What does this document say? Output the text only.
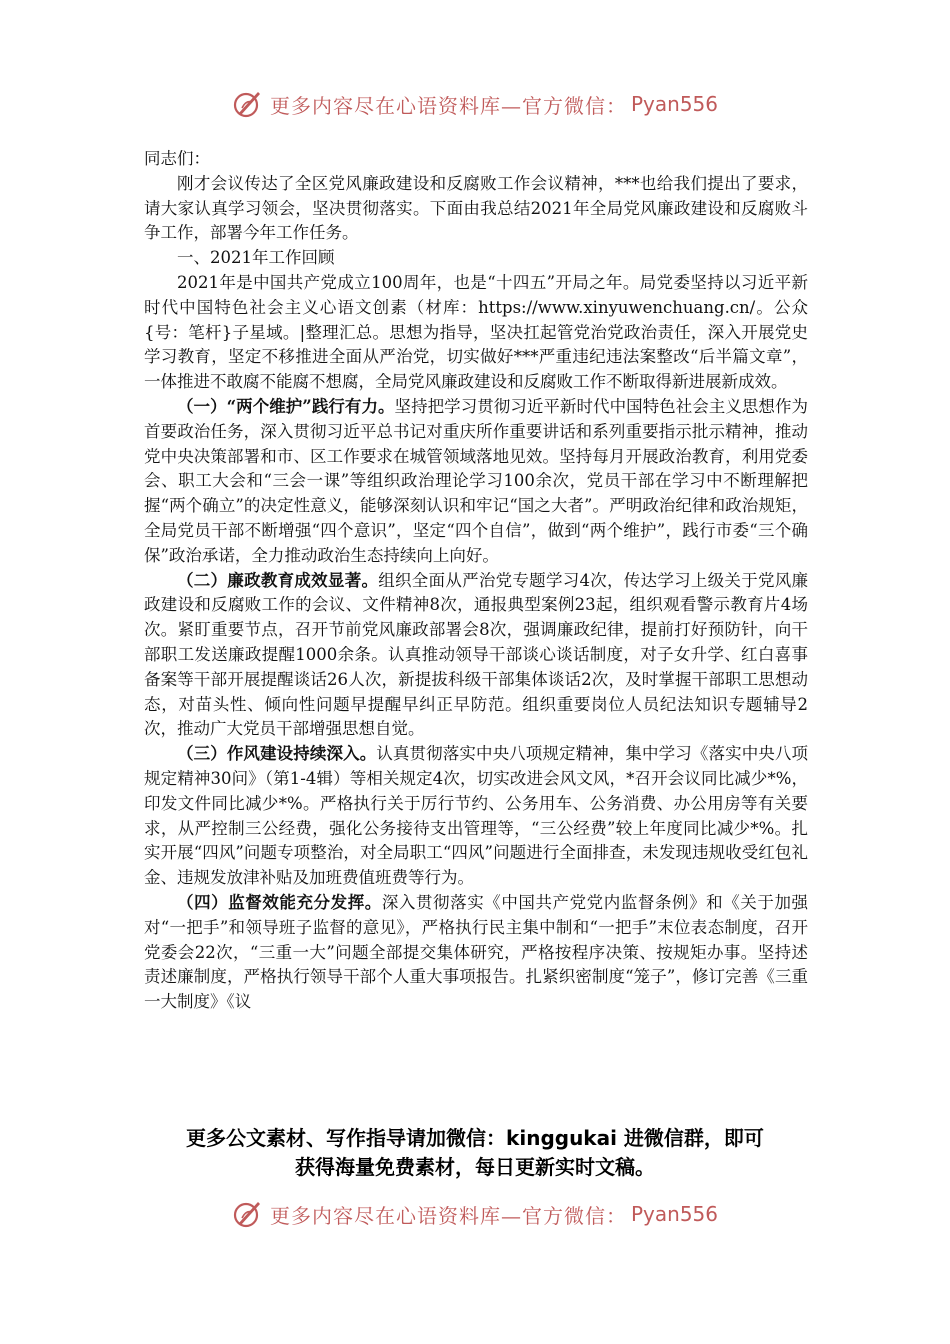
更多内容尽在心语资料库—官方微信： Pyan556

同志们：

刚才会议传达了全区党风廉政建设和反腐败工作会议精神，***也给我们提出了要求，请大家认真学习领会，坚决贯彻落实。下面由我总结2021年全局党风廉政建设和反腐败斗争工作，部署今年工作任务。

一、2021年工作回顾

2021年是中国共产党成立100周年，也是“十四五”开局之年。局党委坚持以习近平新时代中国特色社会主义心语文创素（材库：https://www.xinyuwenchuang.cn/。公众{号：笔杆}子星域。|整理汇总。思想为指导，坚决扛起管党治党政治责任，深入开展党史学习教育，坚定不移推进全面从严治党，切实做好***严重违纪违法案整改“后半篇文章”，一体推进不敢腐不能腐不想腐，全局党风廉政建设和反腐败工作不断取得新进展新成效。

（一）“两个维护”践行有力。坚持把学习贯彻习近平新时代中国特色社会主义思想作为首要政治任务，深入贯彻习近平总书记对重庆所作重要讲话和系列重要指示批示精神，推动党中央决策部署和市、区工作要求在城管领域落地见效。坚持每月开展政治教育，利用党委会、职工大会和“三会一课”等组织政治理论学习100余次，党员干部在学习中不断理解把握“两个确立”的决定性意义，能够深刻认识和牢记“国之大者”。严明政治纪律和政治规矩，全局党员干部不断增强“四个意识”，坚定“四个自信”，做到“两个维护”，践行市委“三个确保”政治承诺，全力推动政治生态持续向上向好。

（二）廉政教育成效显著。组织全面从严治党专题学习4次，传达学习上级关于党风廉政建设和反腐败工作的会议、文件精神8次，通报典型案例23起，组织观看警示教育片4场次。紧盯重要节点，召开节前党风廉政部署会8次，强调廉政纪律，提前打好预防针，向干部职工发送廉政提醒1000余条。认真推动领导干部谈心谈话制度，对子女升学、红白喜事备案等干部开展提醒谈话26人次，新提拔科级干部集体谈话2次，及时掌握干部职工思想动态，对苗头性、倾向性问题早提醒早纠正早防范。组织重要岗位人员纪法知识专题辅导2次，推动广大党员干部增强思想自觉。

（三）作风建设持续深入。认真贯彻落实中央八项规定精神，集中学习《落实中央八项规定精神30问》（第1-4辑）等相关规定4次，切实改进会风文风，*召开会议同比减少*%，印发文件同比减少*%。严格执行关于厉行节约、公务用车、公务消费、办公用房等有关要求，从严控制三公经费，强化公务接待支出管理等，“三公经费”较上年度同比减少*%。扎实开展“四风”问题专项整治，对全局职工“四风”问题进行全面排查，未发现违规收受红包礼金、违规发放津补贴及加班费值班费等行为。

（四）监督效能充分发挥。深入贯彻落实《中国共产党党内监督条例》和《关于加强对“一把手”和领导班子监督的意见》，严格执行民主集中制和“一把手”末位表态制度，召开党委会22次，“三重一大”问题全部提交集体研究，严格按程序决策、按规矩办事。坚持述责述廉制度，严格执行领导干部个人重大事项报告。扎紧织密制度“笼子”，修订完善《三重一大制度》《议

更多公文素材、写作指导请加微信：kinggukai 进微信群，即可
获得海量免费素材，每日更新实时文稿。
更多内容尽在心语资料库—官方微信： Pyan556
